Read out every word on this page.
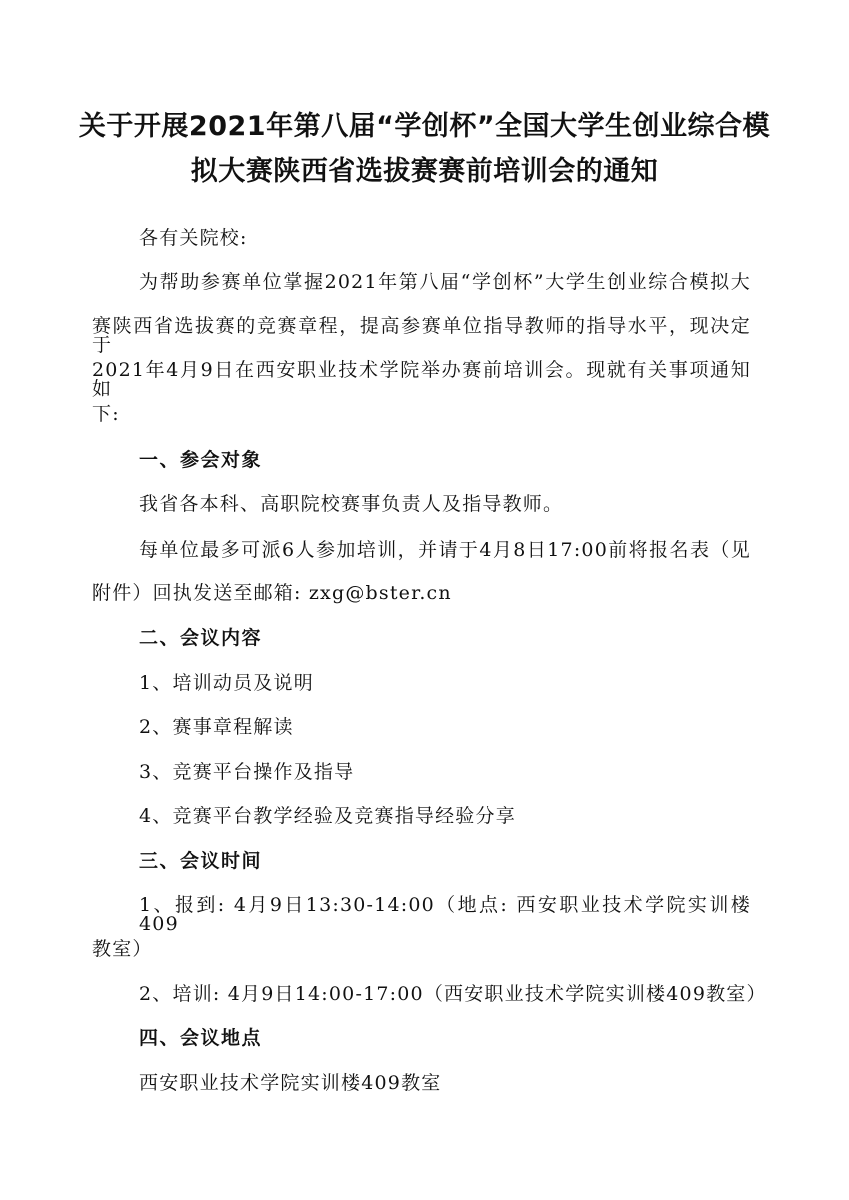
关于开展2021年第八届“学创杯”全国大学生创业综合模
拟大赛陕西省选拔赛赛前培训会的通知
各有关院校:
为帮助参赛单位掌握2021年第八届“学创杯”大学生创业综合模拟大
赛陕西省选拔赛的竞赛章程，提高参赛单位指导教师的指导水平，现决定于
2021年4月9日在西安职业技术学院举办赛前培训会。现就有关事项通知如
下:
一、参会对象
我省各本科、高职院校赛事负责人及指导教师。
每单位最多可派6人参加培训，并请于4月8日17:00前将报名表（见
附件）回执发送至邮箱: zxg@bster.cn
二、会议内容
1、培训动员及说明
2、赛事章程解读
3、竞赛平台操作及指导
4、竞赛平台教学经验及竞赛指导经验分享
三、会议时间
1、报到: 4月9日13:30-14:00（地点: 西安职业技术学院实训楼409
教室）
2、培训: 4月9日14:00-17:00（西安职业技术学院实训楼409教室）
四、会议地点
西安职业技术学院实训楼409教室
